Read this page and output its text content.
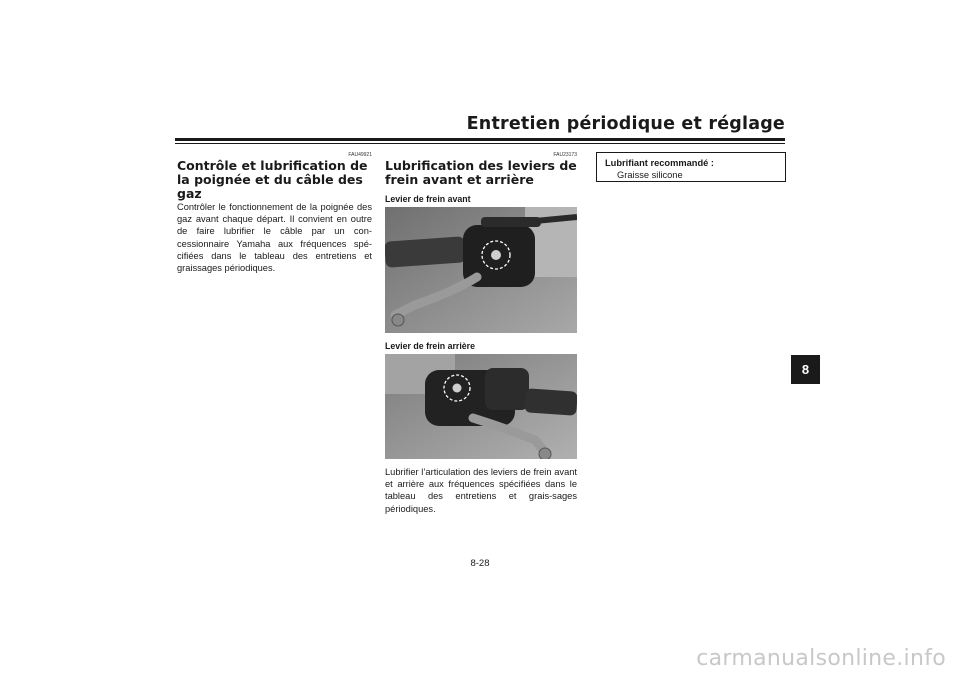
Entretien périodique et réglage
FAU49921
Contrôle et lubrification de la poignée et du câble des gaz

Contrôler le fonctionnement de la poignée des gaz avant chaque départ. Il convient en outre de faire lubrifier le câble par un con-cessionnaire Yamaha aux fréquences spé-cifiées dans le tableau des entretiens et graissages périodiques.

FAU23173
Lubrification des leviers de frein avant et arrière
Levier de frein avant
Levier de frein arrière

Lubrifier l’articulation des leviers de frein avant et arrière aux fréquences spécifiées dans le tableau des entretiens et grais-sages périodiques.

Lubrifiant recommandé :
Graisse silicone
8
8-28
carmanualsonline.info
